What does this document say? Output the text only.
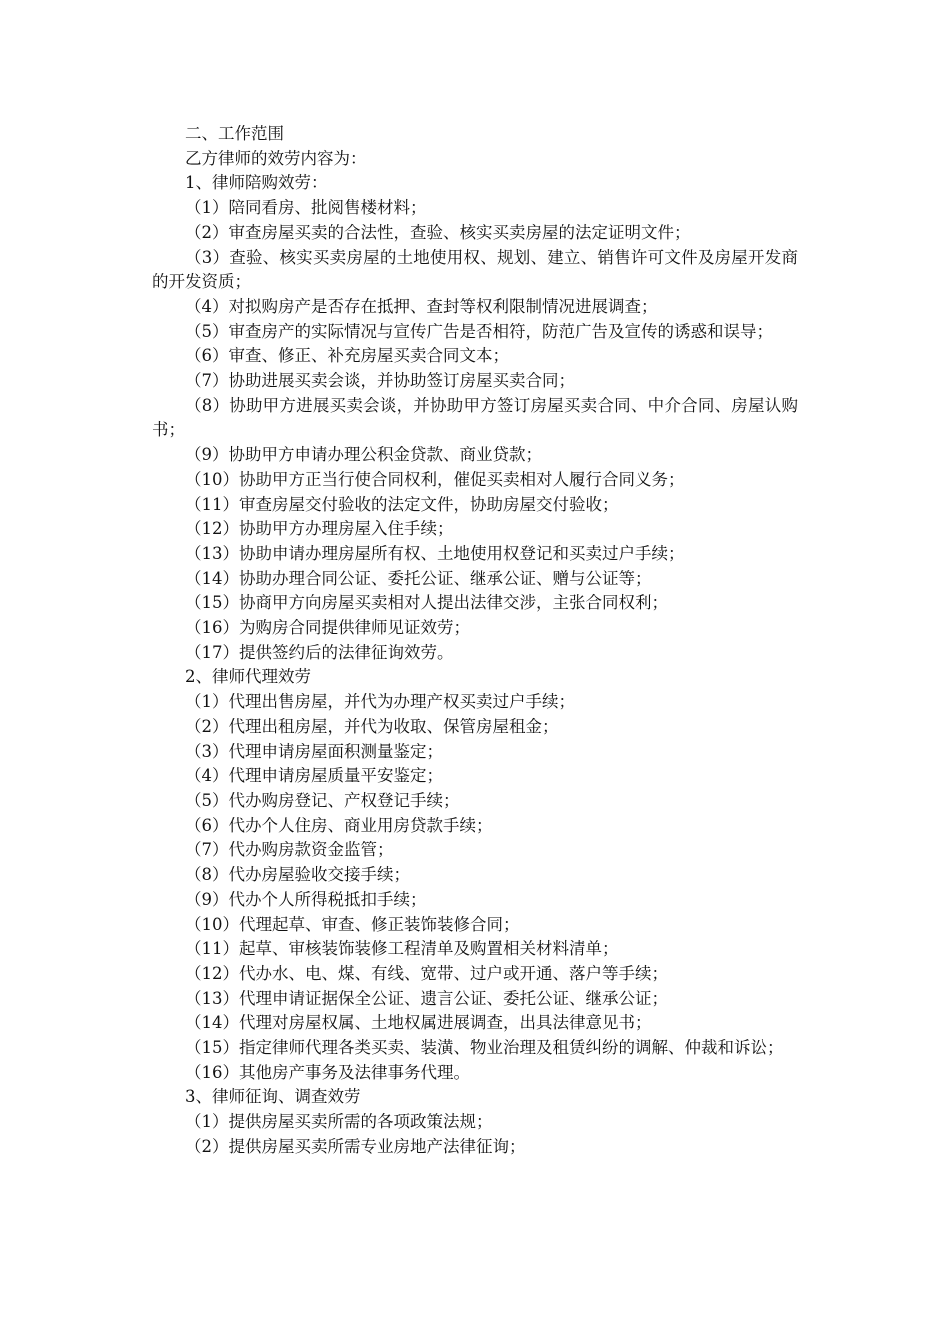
二、工作范围

乙方律师的效劳内容为：

1、律师陪购效劳：

（1）陪同看房、批阅售楼材料；

（2）审查房屋买卖的合法性，查验、核实买卖房屋的法定证明文件；

（3）查验、核实买卖房屋的土地使用权、规划、建立、销售许可文件及房屋开发商的开发资质；

（4）对拟购房产是否存在抵押、查封等权利限制情况进展调查；

（5）审查房产的实际情况与宣传广告是否相符，防范广告及宣传的诱惑和误导；

（6）审查、修正、补充房屋买卖合同文本；

（7）协助进展买卖会谈，并协助签订房屋买卖合同；

（8）协助甲方进展买卖会谈，并协助甲方签订房屋买卖合同、中介合同、房屋认购书；

（9）协助甲方申请办理公积金贷款、商业贷款；

（10）协助甲方正当行使合同权利，催促买卖相对人履行合同义务；

（11）审查房屋交付验收的法定文件，协助房屋交付验收；

（12）协助甲方办理房屋入住手续；

（13）协助申请办理房屋所有权、土地使用权登记和买卖过户手续；

（14）协助办理合同公证、委托公证、继承公证、赠与公证等；

（15）协商甲方向房屋买卖相对人提出法律交涉，主张合同权利；

（16）为购房合同提供律师见证效劳；

（17）提供签约后的法律征询效劳。

2、律师代理效劳

（1）代理出售房屋，并代为办理产权买卖过户手续；

（2）代理出租房屋，并代为收取、保管房屋租金；

（3）代理申请房屋面积测量鉴定；

（4）代理申请房屋质量平安鉴定；

（5）代办购房登记、产权登记手续；

（6）代办个人住房、商业用房贷款手续；

（7）代办购房款资金监管；

（8）代办房屋验收交接手续；

（9）代办个人所得税抵扣手续；

（10）代理起草、审查、修正装饰装修合同；

（11）起草、审核装饰装修工程清单及购置相关材料清单；

（12）代办水、电、煤、有线、宽带、过户或开通、落户等手续；

（13）代理申请证据保全公证、遗言公证、委托公证、继承公证；

（14）代理对房屋权属、土地权属进展调查，出具法律意见书；

（15）指定律师代理各类买卖、装潢、物业治理及租赁纠纷的调解、仲裁和诉讼；

（16）其他房产事务及法律事务代理。

3、律师征询、调查效劳

（1）提供房屋买卖所需的各项政策法规；

（2）提供房屋买卖所需专业房地产法律征询；
